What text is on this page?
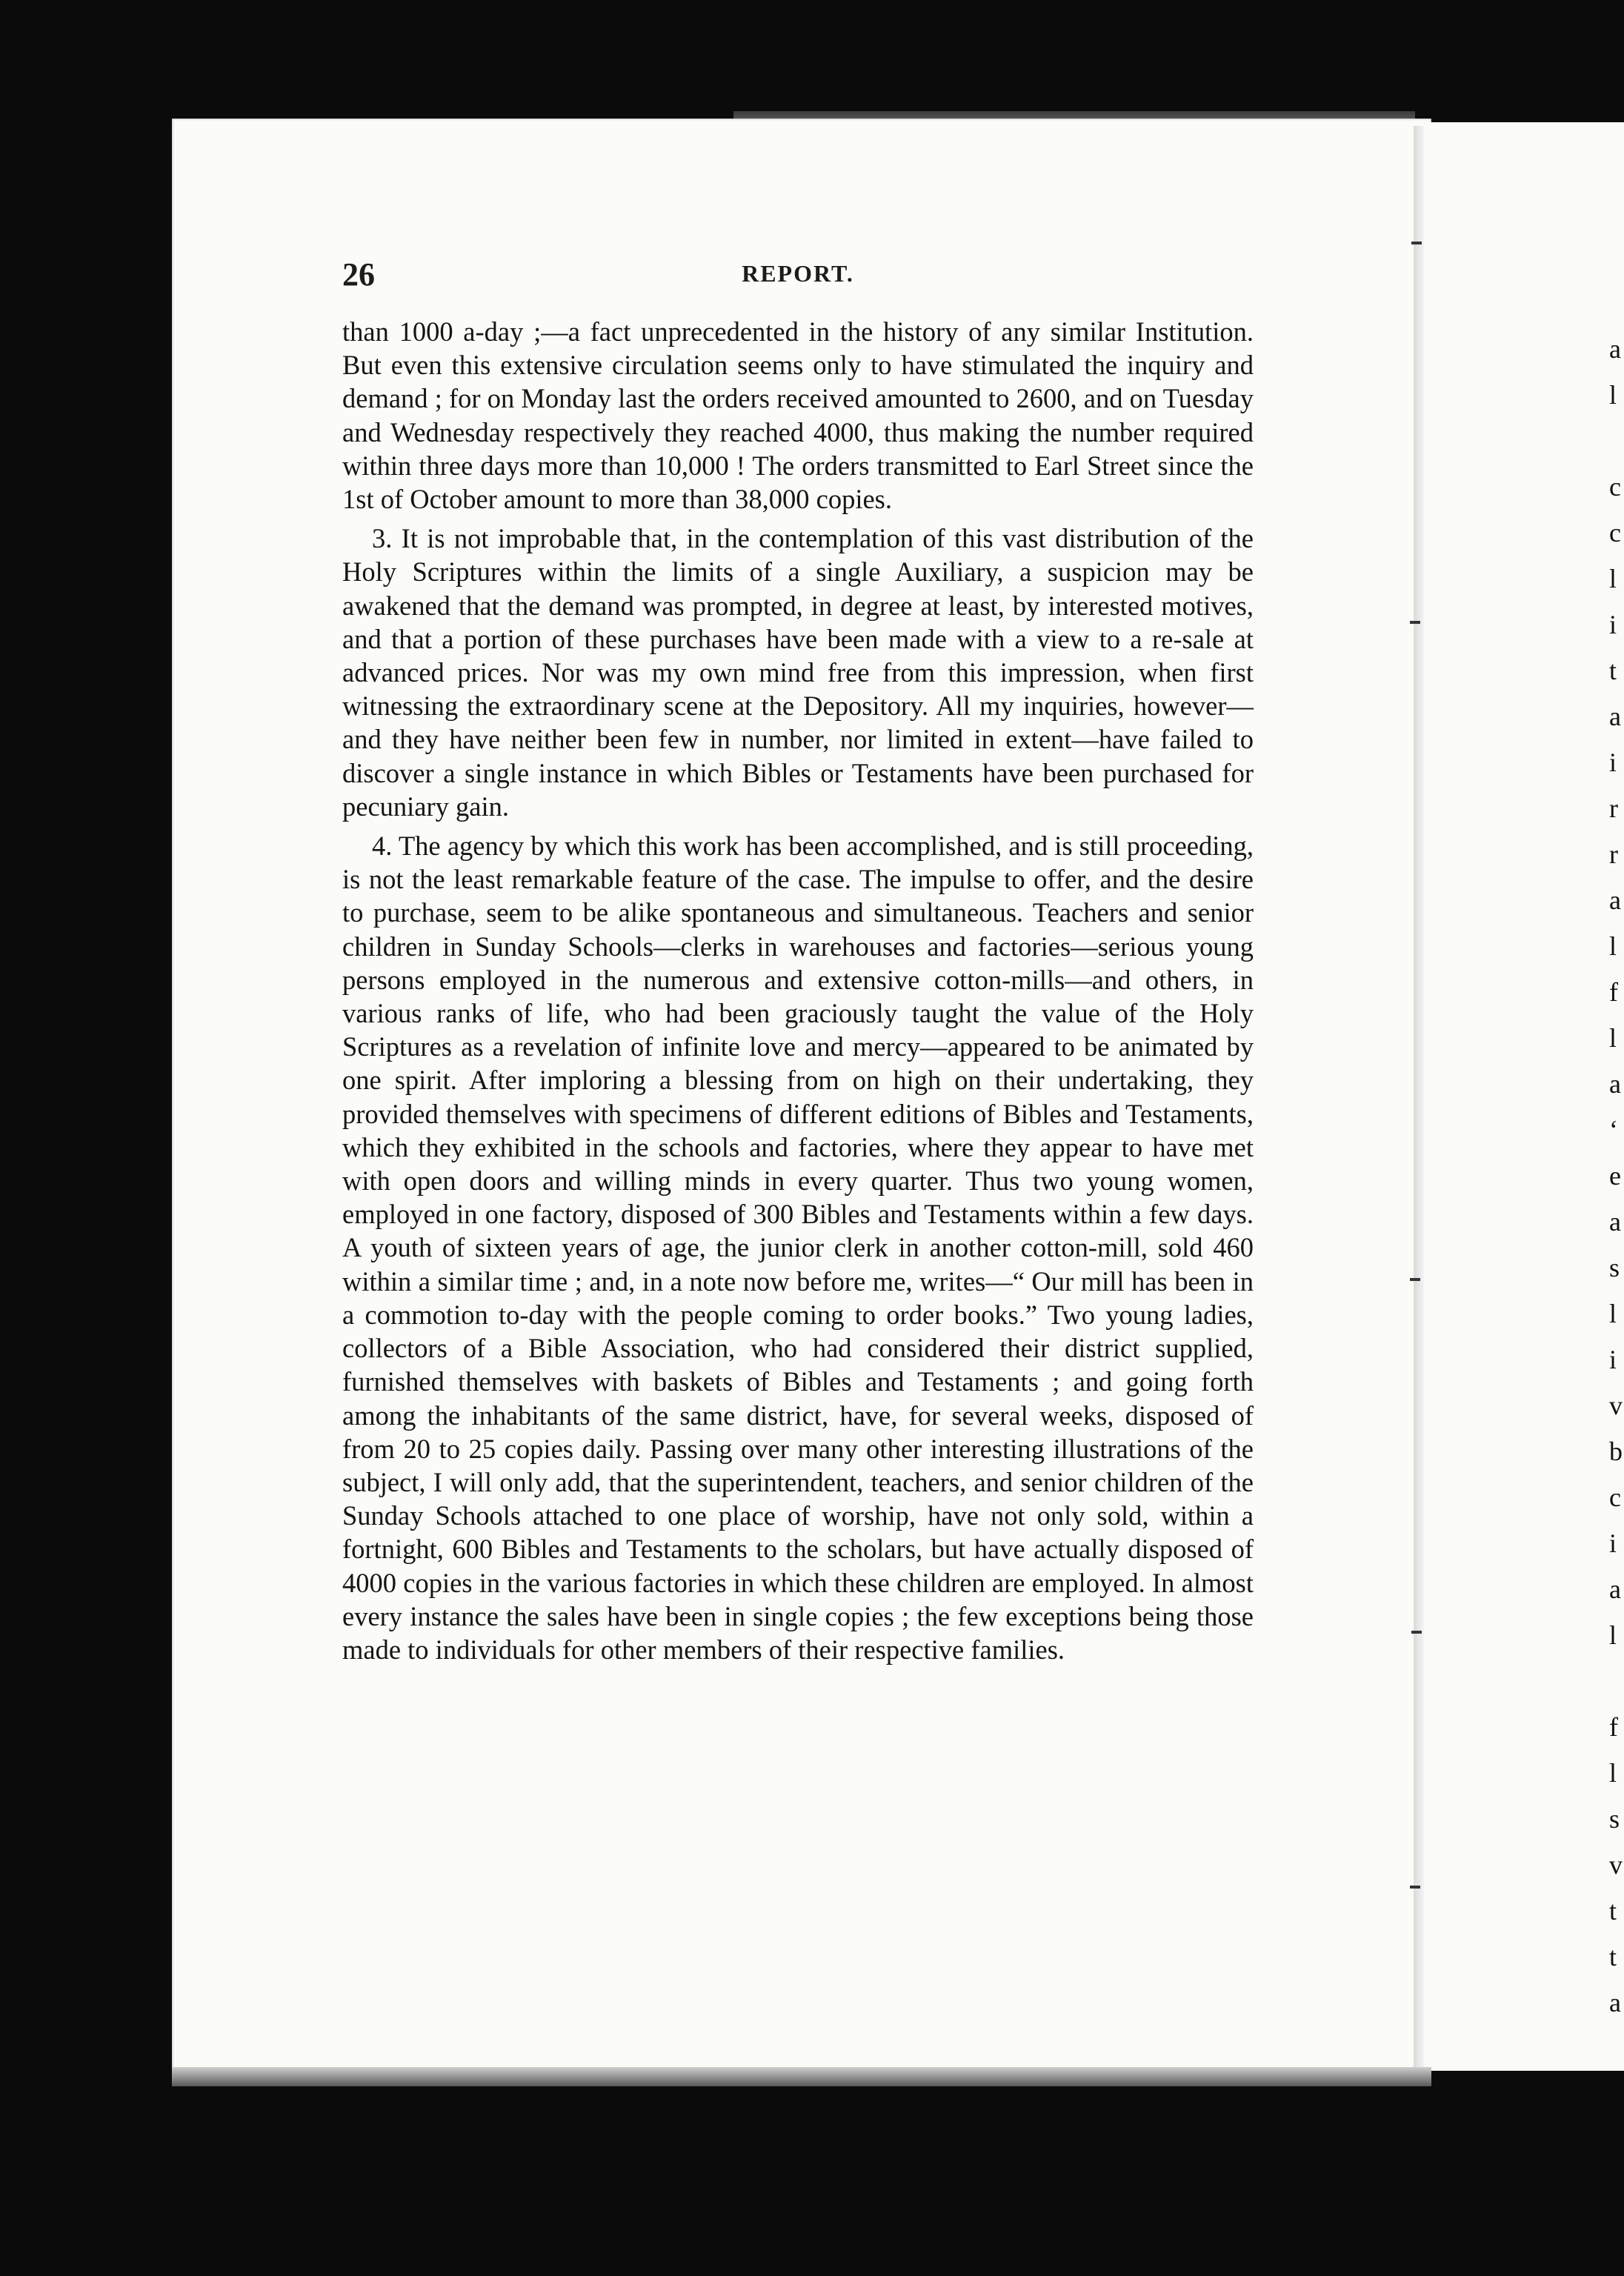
26	REPORT.

than 1000 a-day ;—a fact unprecedented in the history of any similar Institution. But even this extensive circulation seems only to have stimulated the inquiry and demand ; for on Monday last the orders received amounted to 2600, and on Tuesday and Wednesday respectively they reached 4000, thus making the number required within three days more than 10,000 ! The orders transmitted to Earl Street since the 1st of October amount to more than 38,000 copies.

3. It is not improbable that, in the contemplation of this vast distribution of the Holy Scriptures within the limits of a single Auxiliary, a suspicion may be awakened that the demand was prompted, in degree at least, by interested motives, and that a portion of these purchases have been made with a view to a re-sale at advanced prices. Nor was my own mind free from this impression, when first witnessing the extraordinary scene at the Depository. All my inquiries, however—and they have neither been few in number, nor limited in extent—have failed to discover a single instance in which Bibles or Testaments have been purchased for pecuniary gain.

4. The agency by which this work has been accomplished, and is still proceeding, is not the least remarkable feature of the case. The impulse to offer, and the desire to purchase, seem to be alike spontaneous and simultaneous. Teachers and senior children in Sunday Schools—clerks in warehouses and factories—serious young persons employed in the numerous and extensive cotton-mills—and others, in various ranks of life, who had been graciously taught the value of the Holy Scriptures as a revelation of infinite love and mercy—appeared to be animated by one spirit. After imploring a blessing from on high on their undertaking, they provided themselves with specimens of different editions of Bibles and Testaments, which they exhibited in the schools and factories, where they appear to have met with open doors and willing minds in every quarter. Thus two young women, employed in one factory, disposed of 300 Bibles and Testaments within a few days. A youth of sixteen years of age, the junior clerk in another cotton-mill, sold 460 within a similar time ; and, in a note now before me, writes—“ Our mill has been in a commotion to-day with the people coming to order books.” Two young ladies, collectors of a Bible Association, who had considered their district supplied, furnished themselves with baskets of Bibles and Testaments ; and going forth among the inhabitants of the same district, have, for several weeks, disposed of from 20 to 25 copies daily. Passing over many other interesting illustrations of the subject, I will only add, that the superintendent, teachers, and senior children of the Sunday Schools attached to one place of worship, have not only sold, within a fortnight, 600 Bibles and Testaments to the scholars, but have actually disposed of 4000 copies in the various factories in which these children are employed. In almost every instance the sales have been in single copies ; the few exceptions being those made to individuals for other members of their respective families.

a
l
c
c
l
i
t
a
i
r
r
a
l
f
l
a
‘
e
a
s
l
i
v
b
c
i
a
l
f
l
s
v
t
t
a
